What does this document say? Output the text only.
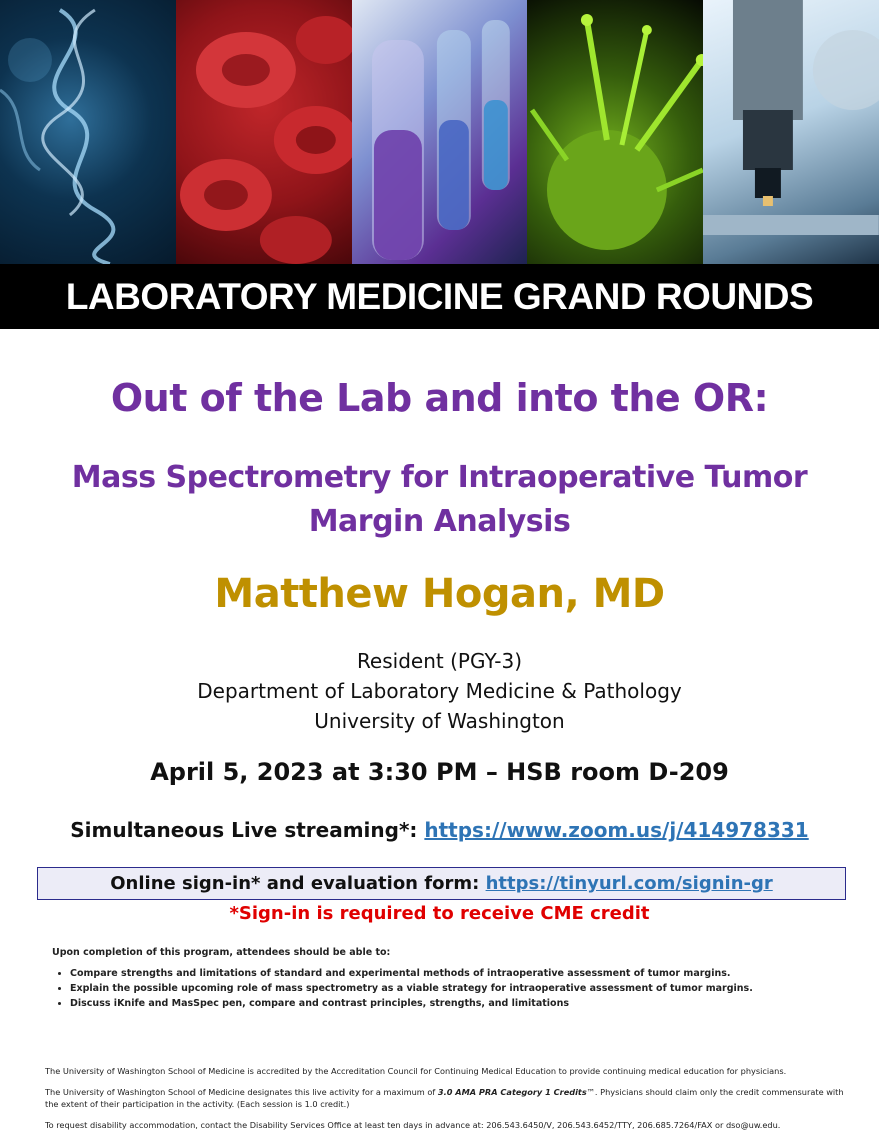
LABORATORY MEDICINE GRAND ROUNDS
Out of the Lab and into the OR:
Mass Spectrometry for Intraoperative Tumor Margin Analysis
Matthew Hogan, MD
Resident (PGY-3)
Department of Laboratory Medicine & Pathology
University of Washington
April 5, 2023 at 3:30 PM – HSB room D-209
Simultaneous Live streaming*: https://www.zoom.us/j/414978331
Online sign-in* and evaluation form:
https://tinyurl.com/signin-gr
*Sign-in is required to receive CME credit

Upon completion of this program, attendees should be able to:

• Compare strengths and limitations of standard and experimental methods of intraoperative assessment of tumor margins.
• Explain the possible upcoming role of mass spectrometry as a viable strategy for intraoperative assessment of tumor margins.
• Discuss iKnife and MasSpec pen, compare and contrast principles, strengths, and limitations
The University of Washington School of Medicine is accredited by the Accreditation Council for Continuing Medical Education to provide continuing medical education for physicians.
The University of Washington School of Medicine designates this live activity for a maximum of 3.0 AMA PRA Category 1 Credits™. Physicians should claim only the credit commensurate with the extent of their participation in the activity. (Each session is 1.0 credit.)
To request disability accommodation, contact the Disability Services Office at least ten days in advance at: 206.543.6450/V, 206.543.6452/TTY, 206.685.7264/FAX or dso@uw.edu.
